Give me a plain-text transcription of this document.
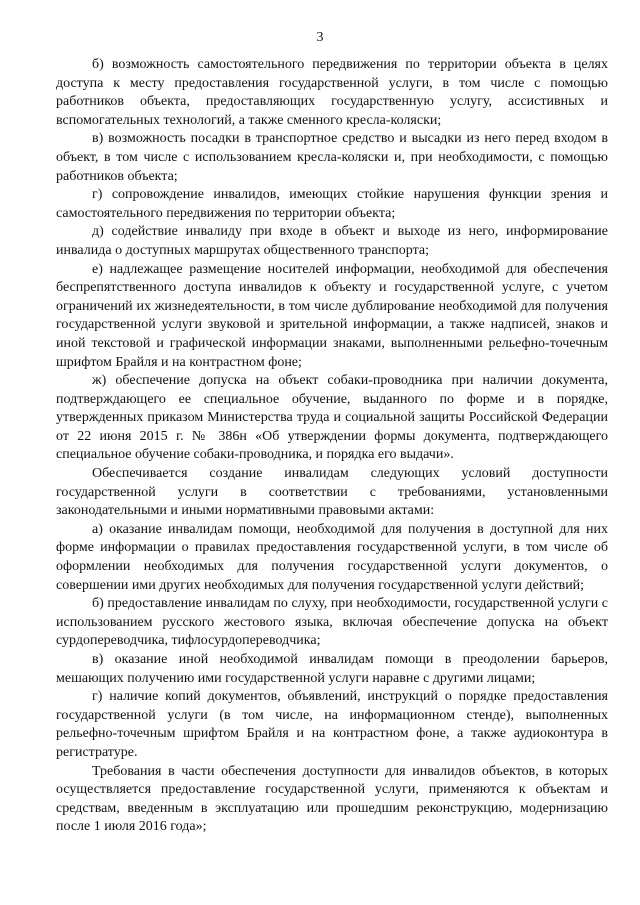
3

б) возможность самостоятельного передвижения по территории объекта в целях доступа к месту предоставления государственной услуги, в том числе с помощью работников объекта, предоставляющих государственную услугу, ассистивных и вспомогательных технологий, а также сменного кресла-коляски;

в) возможность посадки в транспортное средство и высадки из него перед входом в объект, в том числе с использованием кресла-коляски и, при необходимости, с помощью работников объекта;

г) сопровождение инвалидов, имеющих стойкие нарушения функции зрения и самостоятельного передвижения по территории объекта;

д) содействие инвалиду при входе в объект и выходе из него, информирование инвалида о доступных маршрутах общественного транспорта;

е) надлежащее размещение носителей информации, необходимой для обеспечения беспрепятственного доступа инвалидов к объекту и государственной услуге, с учетом ограничений их жизнедеятельности, в том числе дублирование необходимой для получения государственной услуги звуковой и зрительной информации, а также надписей, знаков и иной текстовой и графической информации знаками, выполненными рельефно-точечным шрифтом Брайля и на контрастном фоне;

ж) обеспечение допуска на объект собаки-проводника при наличии документа, подтверждающего ее специальное обучение, выданного по форме и в порядке, утвержденных приказом Министерства труда и социальной защиты Российской Федерации от 22 июня 2015 г. № 386н «Об утверждении формы документа, подтверждающего специальное обучение собаки-проводника, и порядка его выдачи».

Обеспечивается создание инвалидам следующих условий доступности государственной услуги в соответствии с требованиями, установленными законодательными и иными нормативными правовыми актами:

а) оказание инвалидам помощи, необходимой для получения в доступной для них форме информации о правилах предоставления государственной услуги, в том числе об оформлении необходимых для получения государственной услуги документов, о совершении ими других необходимых для получения государственной услуги действий;

б) предоставление инвалидам по слуху, при необходимости, государственной услуги с использованием русского жестового языка, включая обеспечение допуска на объект сурдопереводчика, тифлосурдопереводчика;

в) оказание иной необходимой инвалидам помощи в преодолении барьеров, мешающих получению ими государственной услуги наравне с другими лицами;

г) наличие копий документов, объявлений, инструкций о порядке предоставления государственной услуги (в том числе, на информационном стенде), выполненных рельефно-точечным шрифтом Брайля и на контрастном фоне, а также аудиоконтура в регистратуре.

Требования в части обеспечения доступности для инвалидов объектов, в которых осуществляется предоставление государственной услуги, применяются к объектам и средствам, введенным в эксплуатацию или прошедшим реконструкцию, модернизацию после 1 июля 2016 года»;
